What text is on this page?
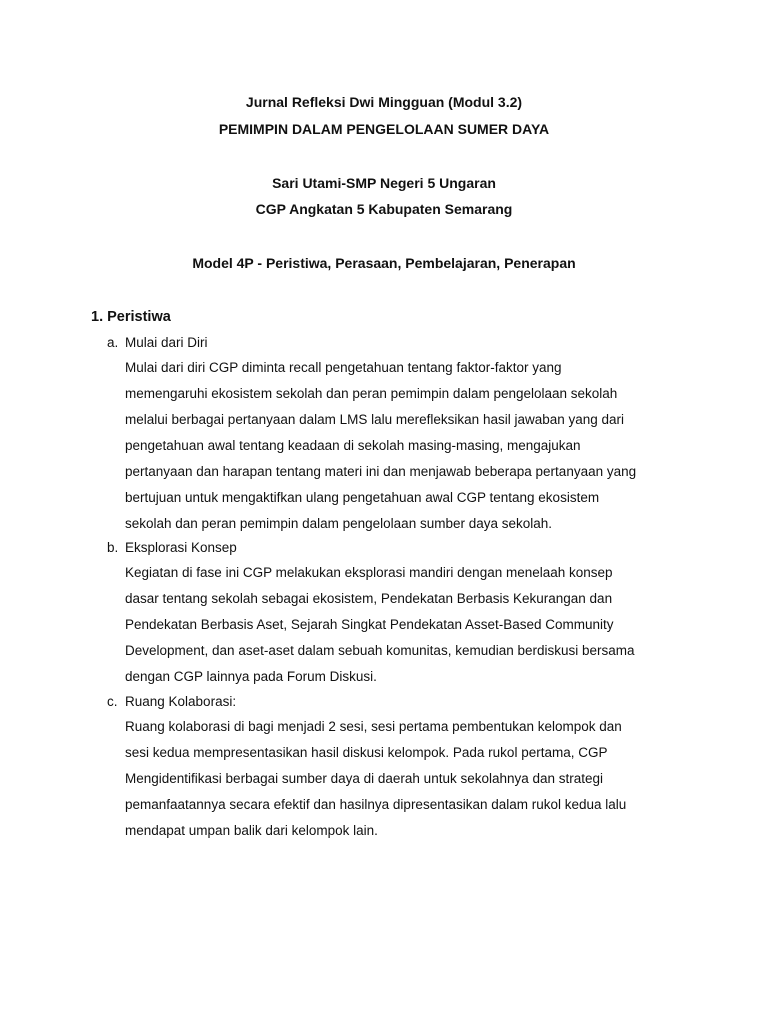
Jurnal Refleksi Dwi Mingguan (Modul 3.2)
PEMIMPIN DALAM PENGELOLAAN SUMER DAYA
Sari Utami-SMP Negeri 5 Ungaran
CGP Angkatan 5 Kabupaten Semarang
Model 4P - Peristiwa, Perasaan, Pembelajaran, Penerapan
1. Peristiwa
a. Mulai dari Diri

Mulai dari diri CGP diminta recall pengetahuan tentang faktor-faktor yang
memengaruhi ekosistem sekolah dan peran pemimpin dalam pengelolaan sekolah
melalui berbagai pertanyaan dalam LMS lalu merefleksikan hasil jawaban yang dari
pengetahuan awal tentang keadaan di sekolah masing-masing, mengajukan
pertanyaan dan harapan tentang materi ini dan menjawab beberapa pertanyaan yang
bertujuan untuk mengaktifkan ulang pengetahuan awal CGP tentang ekosistem
sekolah dan peran pemimpin dalam pengelolaan sumber daya sekolah.

b. Eksplorasi Konsep

Kegiatan di fase ini CGP melakukan eksplorasi mandiri dengan menelaah konsep
dasar tentang sekolah sebagai ekosistem, Pendekatan Berbasis Kekurangan dan
Pendekatan Berbasis Aset, Sejarah Singkat Pendekatan Asset-Based Community
Development, dan aset-aset dalam sebuah komunitas, kemudian berdiskusi bersama
dengan CGP lainnya pada Forum Diskusi.

c. Ruang Kolaborasi:

Ruang kolaborasi di bagi menjadi 2 sesi, sesi pertama pembentukan kelompok dan
sesi kedua mempresentasikan hasil diskusi kelompok. Pada rukol pertama, CGP
Mengidentifikasi berbagai sumber daya di daerah untuk sekolahnya dan strategi
pemanfaatannya secara efektif dan hasilnya dipresentasikan dalam rukol kedua lalu
mendapat umpan balik dari kelompok lain.
